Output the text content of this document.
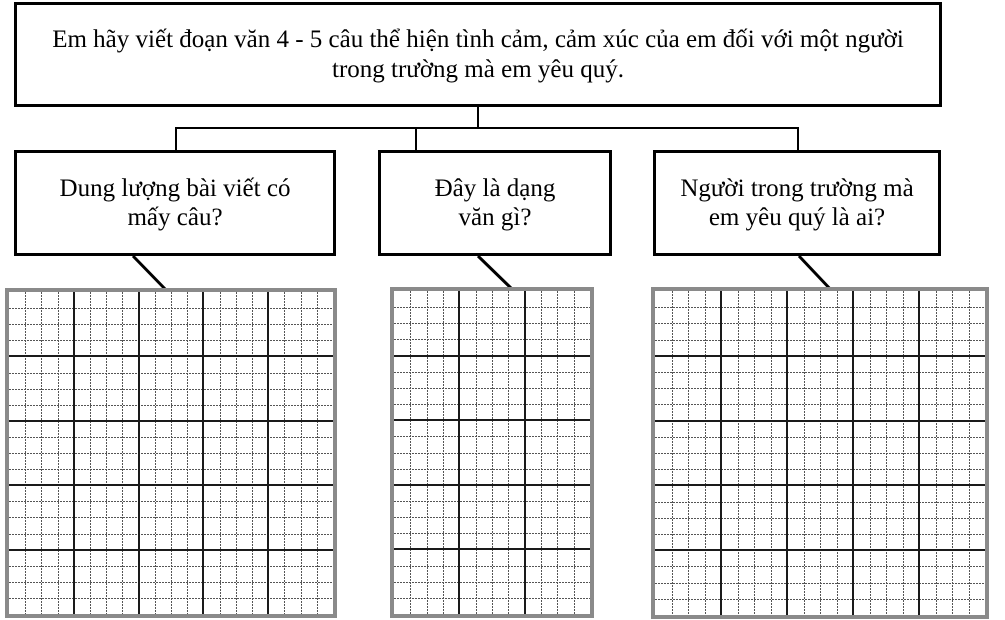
Em hãy viết đoạn văn 4 - 5 câu thể hiện tình cảm, cảm xúc của em đối với một người trong trường mà em yêu quý.
Dung lượng bài viết có mấy câu?
Đây là dạng văn gì?
Người trong trường mà em yêu quý là ai?
